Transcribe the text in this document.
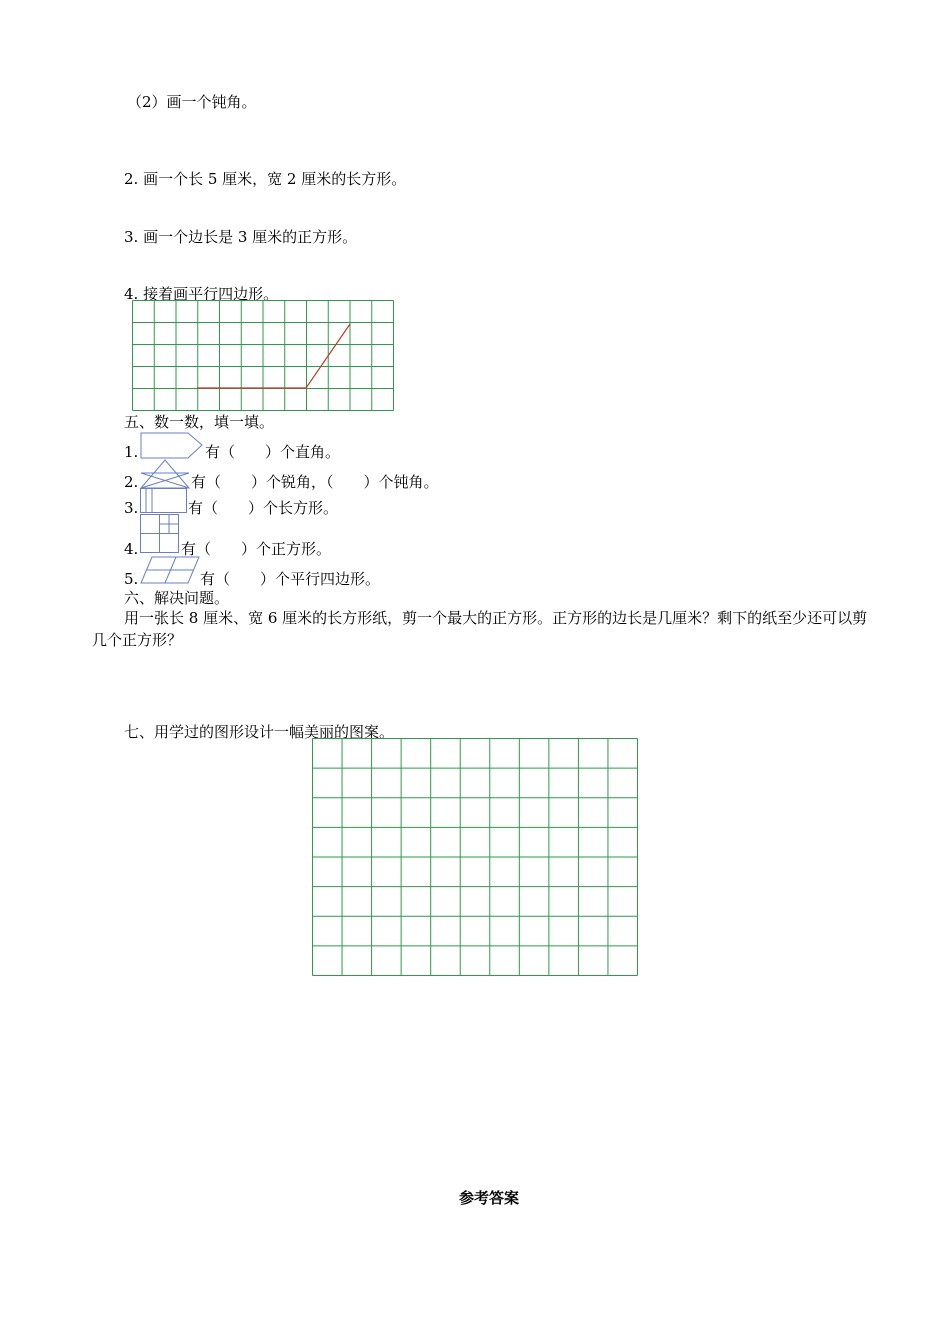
（2）画一个钝角。
2. 画一个长 5 厘米，宽 2 厘米的长方形。
3. 画一个边长是 3 厘米的正方形。
4. 接着画平行四边形。
五、数一数，填一填。
1.	有（　　）个直角。
2.	有（　　）个锐角，（　　）个钝角。
3.	有（　　）个长方形。
4.	有（　　）个正方形。
5.	有（　　）个平行四边形。
六、解决问题。
用一张长 8 厘米、宽 6 厘米的长方形纸，剪一个最大的正方形。正方形的边长是几厘米？剩下的纸至少还可以剪几个正方形？
七、用学过的图形设计一幅美丽的图案。
参考答案
